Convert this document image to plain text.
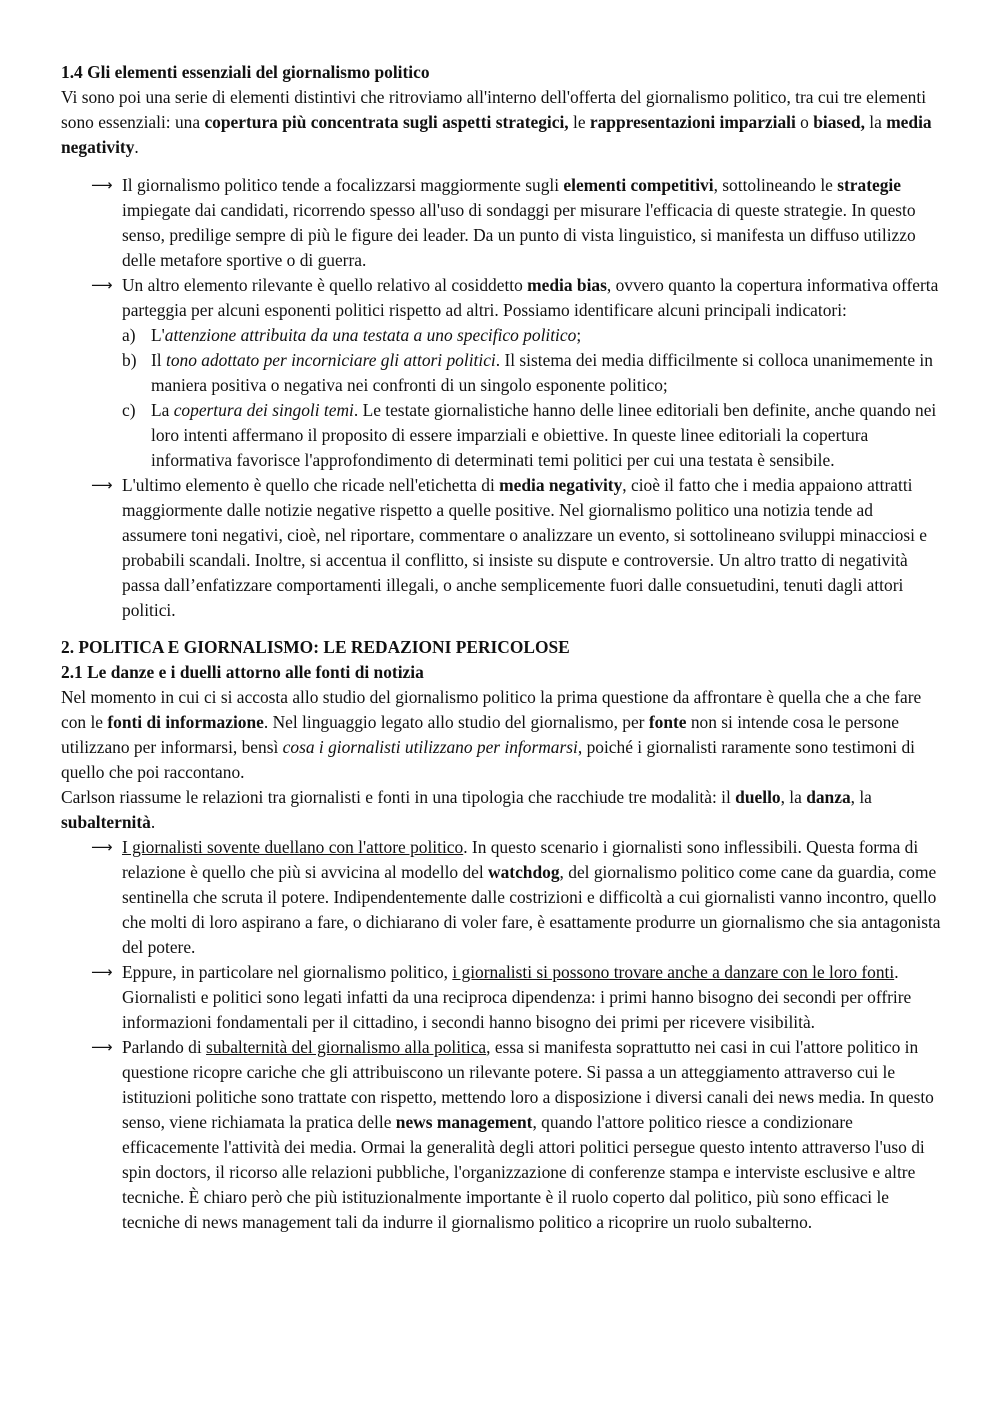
1.4 Gli elementi essenziali del giornalismo politico

Vi sono poi una serie di elementi distintivi che ritroviamo all'interno dell'offerta del giornalismo politico, tra cui tre elementi sono essenziali: una copertura più concentrata sugli aspetti strategici, le rappresentazioni imparziali o biased, la media negativity.

⟶ Il giornalismo politico tende a focalizzarsi maggiormente sugli elementi competitivi, sottolineando le strategie impiegate dai candidati, ricorrendo spesso all'uso di sondaggi per misurare l'efficacia di queste strategie. In questo senso, predilige sempre di più le figure dei leader. Da un punto di vista linguistico, si manifesta un diffuso utilizzo delle metafore sportive o di guerra.
⟶ Un altro elemento rilevante è quello relativo al cosiddetto media bias, ovvero quanto la copertura informativa offerta parteggia per alcuni esponenti politici rispetto ad altri. Possiamo identificare alcuni principali indicatori:
a) L'attenzione attribuita da una testata a uno specifico politico;
b) Il tono adottato per incorniciare gli attori politici. Il sistema dei media difficilmente si colloca unanimemente in maniera positiva o negativa nei confronti di un singolo esponente politico;
c) La copertura dei singoli temi. Le testate giornalistiche hanno delle linee editoriali ben definite, anche quando nei loro intenti affermano il proposito di essere imparziali e obiettive. In queste linee editoriali la copertura informativa favorisce l'approfondimento di determinati temi politici per cui una testata è sensibile.
⟶ L'ultimo elemento è quello che ricade nell'etichetta di media negativity, cioè il fatto che i media appaiono attratti maggiormente dalle notizie negative rispetto a quelle positive. Nel giornalismo politico una notizia tende ad assumere toni negativi, cioè, nel riportare, commentare o analizzare un evento, si sottolineano sviluppi minacciosi e probabili scandali. Inoltre, si accentua il conflitto, si insiste su dispute e controversie. Un altro tratto di negatività passa dall’enfatizzare comportamenti illegali, o anche semplicemente fuori dalle consuetudini, tenuti dagli attori politici.

2. POLITICA E GIORNALISMO: LE REDAZIONI PERICOLOSE

2.1 Le danze e i duelli attorno alle fonti di notizia

Nel momento in cui ci si accosta allo studio del giornalismo politico la prima questione da affrontare è quella che a che fare con le fonti di informazione. Nel linguaggio legato allo studio del giornalismo, per fonte non si intende cosa le persone utilizzano per informarsi, bensì cosa i giornalisti utilizzano per informarsi, poiché i giornalisti raramente sono testimoni di quello che poi raccontano.

Carlson riassume le relazioni tra giornalisti e fonti in una tipologia che racchiude tre modalità: il duello, la danza, la subalternità.

⟶ I giornalisti sovente duellano con l'attore politico. In questo scenario i giornalisti sono inflessibili. Questa forma di relazione è quello che più si avvicina al modello del watchdog, del giornalismo politico come cane da guardia, come sentinella che scruta il potere. Indipendentemente dalle costrizioni e difficoltà a cui giornalisti vanno incontro, quello che molti di loro aspirano a fare, o dichiarano di voler fare, è esattamente produrre un giornalismo che sia antagonista del potere.
⟶ Eppure, in particolare nel giornalismo politico, i giornalisti si possono trovare anche a danzare con le loro fonti. Giornalisti e politici sono legati infatti da una reciproca dipendenza: i primi hanno bisogno dei secondi per offrire informazioni fondamentali per il cittadino, i secondi hanno bisogno dei primi per ricevere visibilità.
⟶ Parlando di subalternità del giornalismo alla politica, essa si manifesta soprattutto nei casi in cui l'attore politico in questione ricopre cariche che gli attribuiscono un rilevante potere. Si passa a un atteggiamento attraverso cui le istituzioni politiche sono trattate con rispetto, mettendo loro a disposizione i diversi canali dei news media. In questo senso, viene richiamata la pratica delle news management, quando l'attore politico riesce a condizionare efficacemente l'attività dei media. Ormai la generalità degli attori politici persegue questo intento attraverso l'uso di spin doctors, il ricorso alle relazioni pubbliche, l'organizzazione di conferenze stampa e interviste esclusive e altre tecniche. È chiaro però che più istituzionalmente importante è il ruolo coperto dal politico, più sono efficaci le tecniche di news management tali da indurre il giornalismo politico a ricoprire un ruolo subalterno.
